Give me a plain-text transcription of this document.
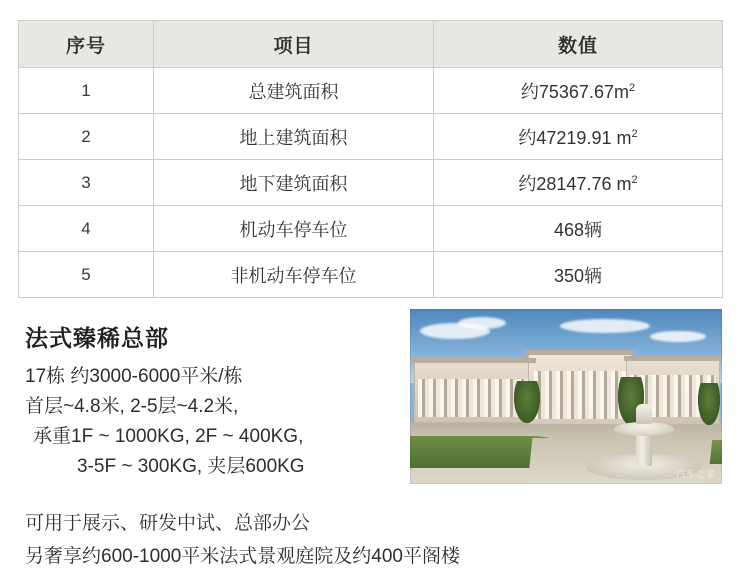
序号	项目	数值
1	总建筑面积	约$75367.67m^2$
2	地上建筑面积	约47219.91 $m^2$
3	地下建筑面积	约28147.76 $m^2$
4	机动车停车位	468辆
5	非机动车停车位	350辆
法式臻稀总部
17栋 约3000-6000平米/栋
首层~4.8米, 2-5层~4.2米,
承重1F ~ 1000KG, 2F ~ 400KG,
3-5F ~ 300KG, 夹层600KG
可用于展示、研发中试、总部办公
另奢享约600-1000平米法式景观庭院及约400平阁楼
汽车之家
